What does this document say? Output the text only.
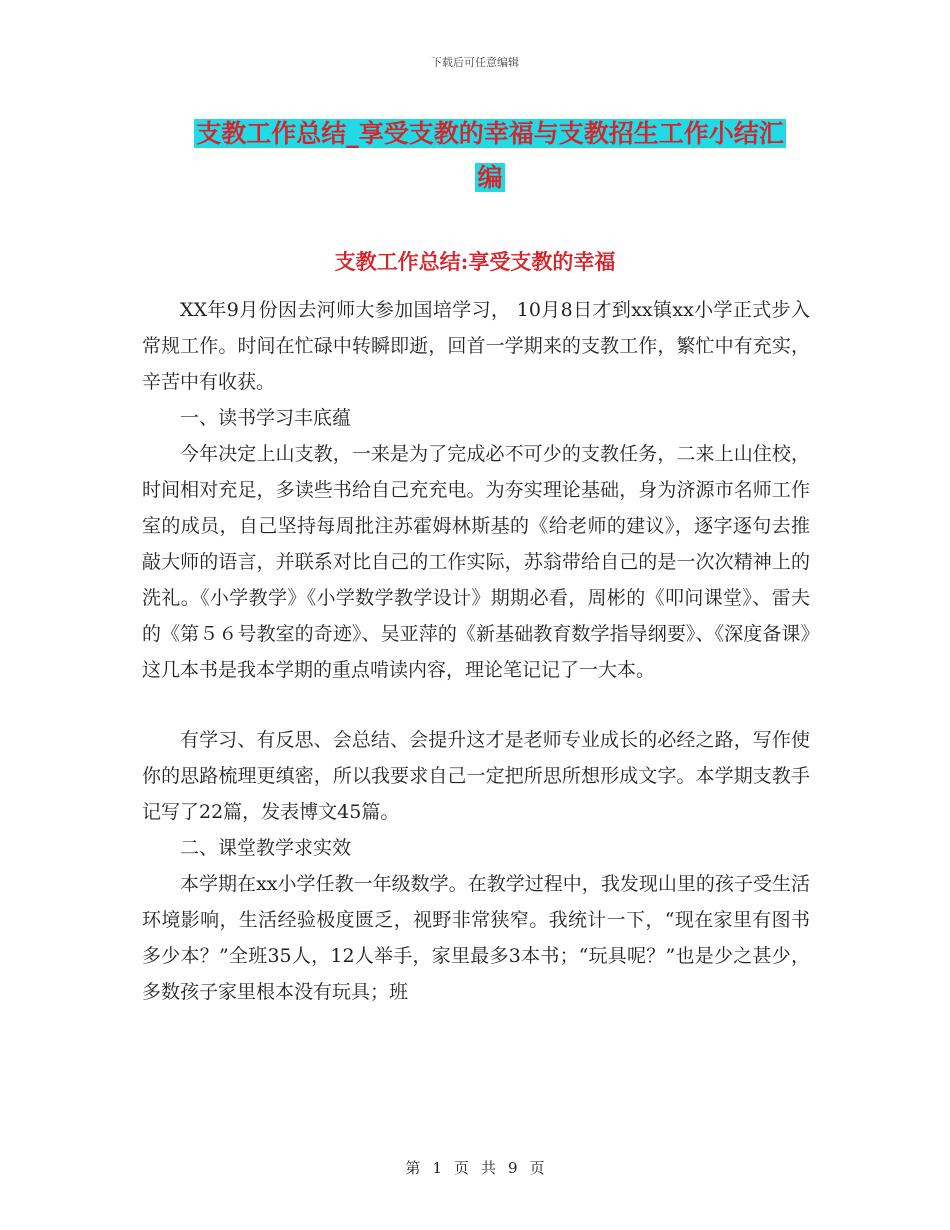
下载后可任意编辑
支教工作总结_享受支教的幸福与支教招生工作小结汇
编
支教工作总结:享受支教的幸福

XX年9月份因去河师大参加国培学习， 10月8日才到xx镇xx小学正式步入常规工作。时间在忙碌中转瞬即逝，回首一学期来的支教工作，繁忙中有充实，辛苦中有收获。

一、读书学习丰底蕴

今年决定上山支教，一来是为了完成必不可少的支教任务，二来上山住校，时间相对充足，多读些书给自己充充电。为夯实理论基础，身为济源市名师工作室的成员，自己坚持每周批注苏霍姆林斯基的《给老师的建议》，逐字逐句去推敲大师的语言，并联系对比自己的工作实际，苏翁带给自己的是一次次精神上的洗礼。《小学教学》《小学数学教学设计》期期必看，周彬的《叩问课堂》、雷夫的《第５６号教室的奇迹》、吴亚萍的《新基础教育数学指导纲要》、《深度备课》这几本书是我本学期的重点啃读内容，理论笔记记了一大本。

有学习、有反思、会总结、会提升这才是老师专业成长的必经之路，写作使你的思路梳理更缜密，所以我要求自己一定把所思所想形成文字。本学期支教手记写了22篇，发表博文45篇。

二、课堂教学求实效

本学期在xx小学任教一年级数学。在教学过程中，我发现山里的孩子受生活环境影响，生活经验极度匮乏，视野非常狭窄。我统计一下，“现在家里有图书多少本？”全班35人，12人举手，家里最多3本书；“玩具呢？”也是少之甚少，多数孩子家里根本没有玩具；班

第 1 页 共 9 页
